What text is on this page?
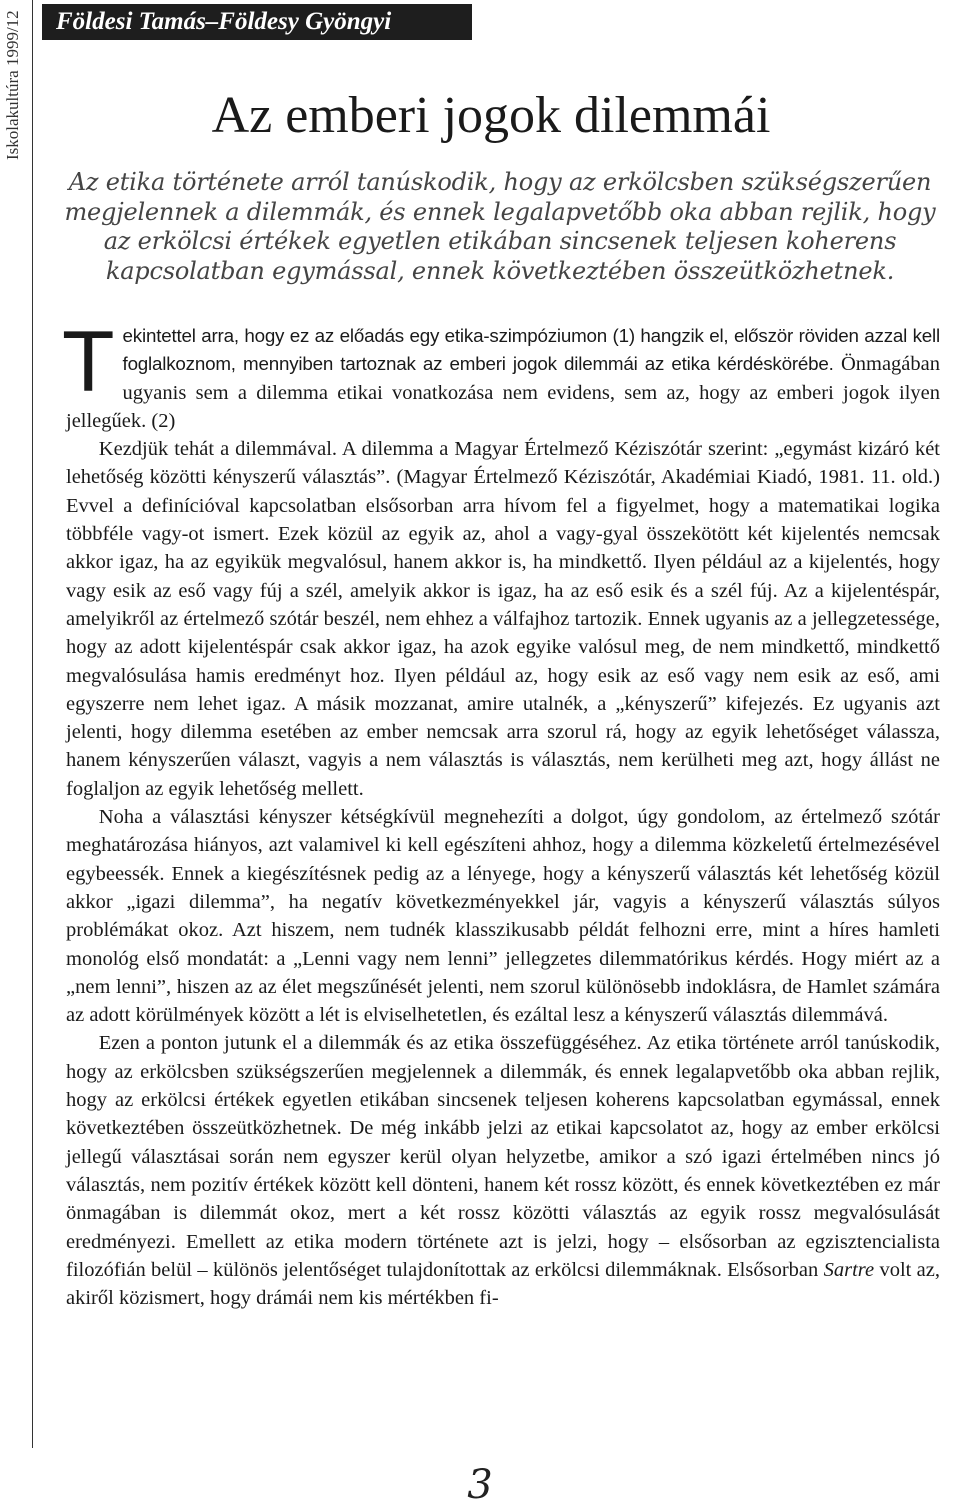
Iskolakultúra 1999/12	Földesi Tamás–Földesy Gyöngyi
Az emberi jogok dilemmái

Az etika története arról tanúskodik, hogy az erkölcsben szükségszerűen megjelennek a dilemmák, és ennek legalapvetőbb oka abban rejlik, hogy az erkölcsi értékek egyetlen etikában sincsenek teljesen koherens kapcsolatban egymással, ennek következtében összeütközhetnek.

Tekintettel arra, hogy ez az előadás egy etika-szimpóziumon (1) hangzik el, először röviden azzal kell foglalkoznom, mennyiben tartoznak az emberi jogok dilemmái az etika kérdéskörébe. Önmagában ugyanis sem a dilemma etikai vonatkozása nem evidens, sem az, hogy az emberi jogok ilyen jellegűek. (2)

Kezdjük tehát a dilemmával. A dilemma a Magyar Értelmező Kéziszótár szerint: „egymást kizáró két lehetőség közötti kényszerű választás”. (Magyar Értelmező Kéziszótár, Akadémiai Kiadó, 1981. 11. old.) Evvel a definícióval kapcsolatban elsősorban arra hívom fel a figyelmet, hogy a matematikai logika többféle vagy-ot ismert. Ezek közül az egyik az, ahol a vagy-gyal összekötött két kijelentés nemcsak akkor igaz, ha az egyikük megvalósul, hanem akkor is, ha mindkettő. Ilyen például az a kijelentés, hogy vagy esik az eső vagy fúj a szél, amelyik akkor is igaz, ha az eső esik és a szél fúj. Az a kijelentéspár, amelyikről az értelmező szótár beszél, nem ehhez a válfajhoz tartozik. Ennek ugyanis az a jellegzetessége, hogy az adott kijelentéspár csak akkor igaz, ha azok egyike valósul meg, de nem mindkettő, mindkettő megvalósulása hamis eredményt hoz. Ilyen például az, hogy esik az eső vagy nem esik az eső, ami egyszerre nem lehet igaz. A másik mozzanat, amire utalnék, a „kényszerű” kifejezés. Ez ugyanis azt jelenti, hogy dilemma esetében az ember nemcsak arra szorul rá, hogy az egyik lehetőséget válassza, hanem kényszerűen választ, vagyis a nem választás is választás, nem kerülheti meg azt, hogy állást ne foglaljon az egyik lehetőség mellett.

Noha a választási kényszer kétségkívül megnehezíti a dolgot, úgy gondolom, az értelmező szótár meghatározása hiányos, azt valamivel ki kell egészíteni ahhoz, hogy a dilemma közkeletű értelmezésével egybeessék. Ennek a kiegészítésnek pedig az a lényege, hogy a kényszerű választás két lehetőség közül akkor „igazi dilemma”, ha negatív következményekkel jár, vagyis a kényszerű választás súlyos problémákat okoz. Azt hiszem, nem tudnék klasszikusabb példát felhozni erre, mint a híres hamleti monológ első mondatát: a „Lenni vagy nem lenni” jellegzetes dilemmatórikus kérdés. Hogy miért az a „nem lenni”, hiszen az az élet megszűnését jelenti, nem szorul különösebb indoklásra, de Hamlet számára az adott körülmények között a lét is elviselhetetlen, és ezáltal lesz a kényszerű választás dilemmává.

Ezen a ponton jutunk el a dilemmák és az etika összefüggéséhez. Az etika története arról tanúskodik, hogy az erkölcsben szükségszerűen megjelennek a dilemmák, és ennek legalapvetőbb oka abban rejlik, hogy az erkölcsi értékek egyetlen etikában sincsenek teljesen koherens kapcsolatban egymással, ennek következtében összeütközhetnek. De még inkább jelzi az etikai kapcsolatot az, hogy az ember erkölcsi jellegű választásai során nem egyszer kerül olyan helyzetbe, amikor a szó igazi értelmében nincs jó választás, nem pozitív értékek között kell dönteni, hanem két rossz között, és ennek következtében ez már önmagában is dilemmát okoz, mert a két rossz közötti választás az egyik rossz megvalósulását eredményezi. Emellett az etika modern története azt is jelzi, hogy – elsősorban az egzisztencialista filozófián belül – különös jelentőséget tulajdonítottak az erkölcsi dilemmáknak. Elsősorban Sartre volt az, akiről közismert, hogy drámái nem kis mértékben fi-

3
